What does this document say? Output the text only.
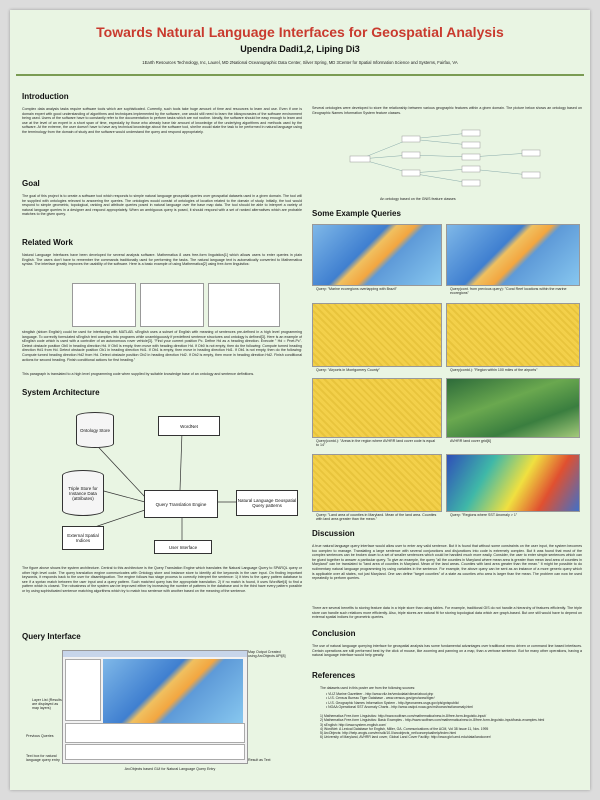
Towards Natural Language Interfaces for Geospatial Analysis
Upendra Dadi1,2, Liping Di3
1Earth Resources Technology, Inc, Laurel, MD 2National Oceanographic Data Center, Silver Spring, MD 3Center for Spatial Information Science and Systems, Fairfax, VA
Introduction
Complex data analysis tasks require software tools which are sophisticated. Currently, such tools take huge amount of time and resources to learn and use. Even if one is domain expert with good understanding of algorithms and techniques implemented by the software, one would still need to learn the idiosyncrasies of the software environment being used. Users of the software have to constantly refer to the documentation to perform tasks which are not routine. Ideally, the software should be easy enough to learn and use at the level of an expert in a short span of time, especially by those who already have fair amount of knowledge of the underlying algorithms and methods used by the software. At the extreme, the user doesn't have to have any technical knowledge about the software tool, she/he would state the task to be performed in natural language using the terminology from the domain of study and the software would understand the query and respond appropriately.
Goal
The goal of this project is to create a software tool which responds to simple natural language geospatial queries over geospatial datasets used in a given domain. The tool will be supplied with ontologies relevant to answering the queries. The ontologies would consist of ontologies of location related to the domain of study. Initially, the tool would respond to simple geometric, topological, ranking and attribute queries posed in natural language over the base map data. The tool should be able to interpret a variety of natural language queries in a designer and respond appropriately. When an ambiguous query is posed, it should respond with a set of ranked alternatives which are probable matches to the given query.
Related Work
Natural Language Interfaces have been developed for several analysis software. Mathematica 8 uses free-form linguistics[1] which allows users to enter queries in plain English. The users don't have to remember the commands traditionally used for performing the tasks. The natural language text is automatically converted to Mathematica syntax. The interface greatly improves the usability of the software. Here is a basic example of using Mathematica[2] using free-form linguistics:
sbnglish (sbiom English) could be used for interfacing with MATLAB. sEnglish uses a subset of English with meaning of sentences pre-defined in a high level programming language. To correctly formulated sEnglish text compiles into programs while unambiguously if predefined sentence structures and ontology is defined[3]. Here is an example of sEnglish code which is used with a controller of an autonomous rover vehicle[3]. "Find your current position Pc. Define Hd as a heading direction. Execute " Hd = Pnet-Pc". Detect obstacle position Ob0 in heading direction Hd. If Ob0 is empty, then move with heading direction Hd. If Ob0 is not empty, then do the following: Compute turned heading direction Hd1 from Hd. Detect obstacle position Ob1 in heading direction Hd1. If Ob1 is empty, then move in heading direction Hd1. If Ob1 is not empty, then do the following: Compute turned heading direction Hd2 from Hd. Detect obstacle position Ob2 in heading direction Hd2. If Ob2 is empty, then move in heading direction Hd2. Finish conditional actions for second heading. Finish conditional actions for first heading."
This paragraph is translated to a high level programming code when supplied by suitable knowledge base of an ontology and sentence definitions.
System Architecture
Ontology Store
WordNet
Triple Store for Instance Data (attributes)
Query Translation Engine
Natural Language Geospatial Query patterns
External Spatial Indices
User Interface
The figure above shows the system architecture. Central to this architecture is the Query Translation Engine which translates the Natural Language Query to SPARQL query or other high level code. The query translation engine communicates with Ontology store and instance store to identify all the keywords in the user input. On finding important keywords, it responds back to the user for disambiguation. The engine follows two stage process to correctly interpret the sentence: 1) it tries to the query pattern database to see if a syntax match between the user input and a query pattern. Such matched query has the appropriate translation. 2) if no match is found, it uses WordNet[4] to find a pattern which is closest. The robustness of the system can be improved either by increasing the number of patterns in the database and in the third have every pattern possible or by using sophisticated sentence matching algorithms which try to match two sentence with another based on the meaning of the sentence.
Query Interface
Map Output Created using ArcObjects API[8]
Layer List (Results are displayed as map layers)
Previous Queries
Text box for natural language query entry	Result as Text
ArcObjects based GUI for Natural Language Query Entry
Several ontologies were developed to store the relationship between various geographic features within a given domain. The picture below shows an ontology based on Geographic Names Information System feature classes.
An ontology based on the GNIS feature classes
Some Example Queries
Query: "Marine ecoregions overlapping with Brazil"	Query(cont. from previous query): "Coral Reef locations within the marine ecoregions"
Query: "Airports in Montgomery County"	Query(contd.): "Region within 100 miles of the airports"
Query(contd.): "Areas in the region where AVHRR land cover code is equal to 14"
AVHRR land cover grid[6]
Query: "Land area of counties in Maryland. Mean of the land area. Counties with land area greater than the mean."
Query: "Regions where SST Anomaly > 1"
Discussion
A true natural language query interface would allow user to enter any valid sentence. But it is found that without some constraints on the user input, the system becomes too complex to manage. Translating a large sentence with several conjunctions and disjunctions into code is extremely complex. But it was found that most of the complex sentences can be broken down to a set of smaller sentences which could be handled much more easily. Consider, the user to enter simple sentences which can be glued together to answer a particular query. To give an example, the query "all the counties in Maryland where mean area is greater than mean land area of counties in Maryland" can be translated to "land area of counties in Maryland. Mean of the land areas. Counties with land area greater than the mean." It might be possible to do rudimentary natural language programming by using variables in the sentence. For example, the above query can be sent as an instance of a more generic query which is applicable over all states, not just Maryland. One can define "target counties" of a state as counties who area is larger than the mean. The problem can now be used repeatedly to perform queries.
There are several benefits to storing feature data in a triple store than using tables. For example, traditional GIS do not handle a hierarchy of features efficiently. The triple store can handle such relations more efficiently. Also, triple stores are natural fit for storing topological data which are graph-based. But one still would have to depend on external spatial indices for geometric queries.
Conclusion
The use of natural language querying interface for geospatial analysis has some fundamental advantages over traditional menu driven or command line based interfaces. Certain operations are still performed best by the click of mouse, like zooming and panning on a map, than a verbose sentence. But for many other operations, having a natural language interface would help greatly.
References
The datasets used in this poster are from the following sources:
• VLIZ Marine Gazetteer - http://www.vliz.be/vmdcdata/vlimar/about.php
• U.S. Census Bureau Tiger Database - www.census.gov/geo/www/tiger/
• U.S. Geographic Names Information System - http://geonames.usgs.gov/pls/gnispublic/
• NOAA Operational SST Anomaly Charts - http://www.osdpd.noaa.gov/ml/ocean/sst/anomaly.html
1) Mathematica Free-form Linguistics: http://www.wolfram.com/mathematica/new-in-8/free-form-linguistic-input/
2) Mathematica Free-form Linguistics: Basic Examples - http://www.wolfram.com/mathematica/new-in-8/free-form-linguistic-input/basic-examples.html
3) sEnglish: http://www.system-english.com/
4) WordNet: A Lexical Database for English, Miller, GA. Communications of the ACM, Vol 38 Issue 11, Nov. 1995
5) ArcObjects: http://help.arcgis.com/en/sdk/10.0/arcobjects_net/conceptualhelp/index.html
6) University of Maryland, AVHRR land cover, Global Land Cover Facility: http://www.glcf.umd.edu/data/landcover/
